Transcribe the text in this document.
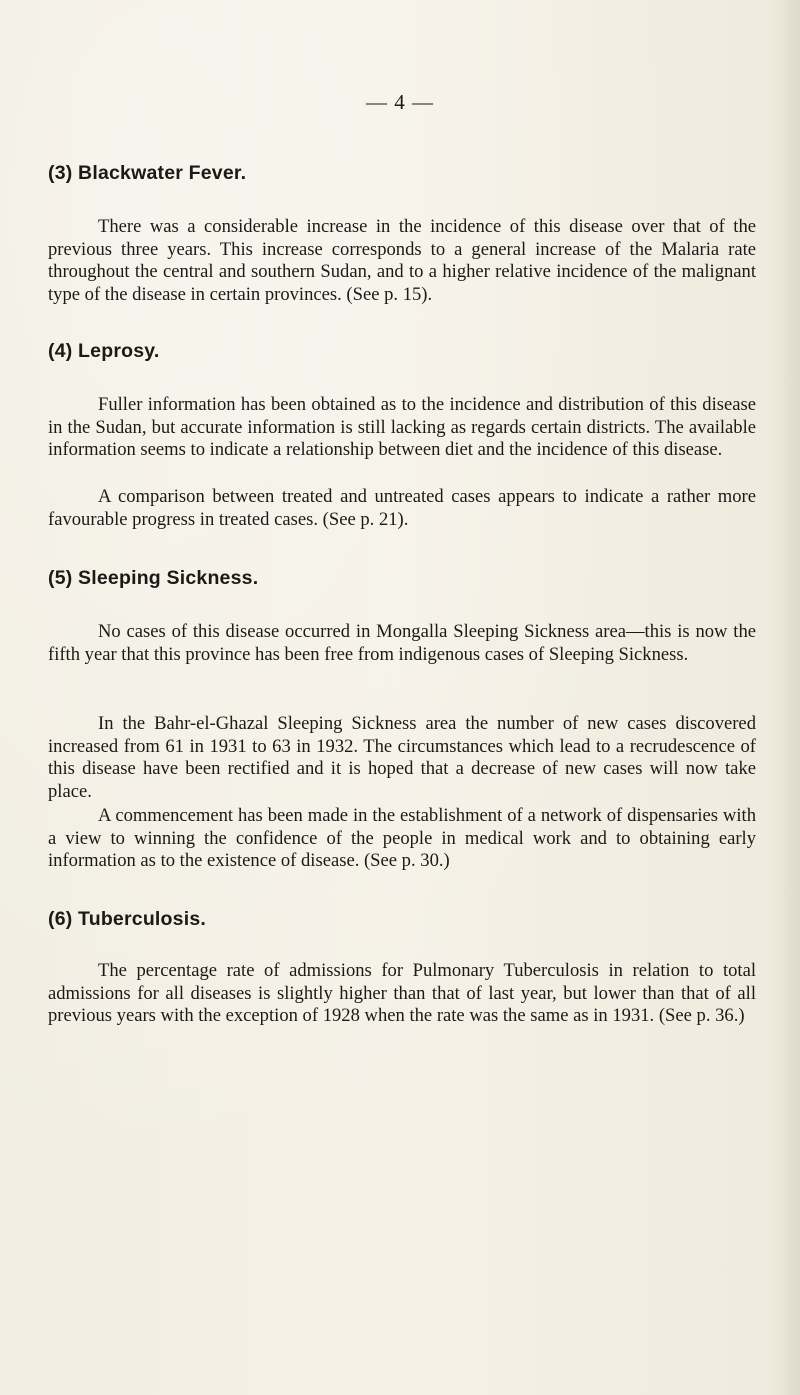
— 4 —
(3) Blackwater Fever.

There was a considerable increase in the incidence of this disease over that of the previous three years. This increase corresponds to a general increase of the Malaria rate throughout the central and southern Sudan, and to a higher relative incidence of the malignant type of the disease in certain provinces. (See p. 15).

(4) Leprosy.

Fuller information has been obtained as to the incidence and distribution of this disease in the Sudan, but accurate information is still lacking as regards certain districts. The available information seems to indicate a relationship between diet and the incidence of this disease.

A comparison between treated and untreated cases appears to indicate a rather more favourable progress in treated cases. (See p. 21).

(5) Sleeping Sickness.

No cases of this disease occurred in Mongalla Sleeping Sickness area—this is now the fifth year that this province has been free from indigenous cases of Sleeping Sickness.

In the Bahr-el-Ghazal Sleeping Sickness area the number of new cases discovered increased from 61 in 1931 to 63 in 1932. The circumstances which lead to a recrudescence of this disease have been rectified and it is hoped that a decrease of new cases will now take place.

A commencement has been made in the establishment of a network of dispensaries with a view to winning the confidence of the people in medical work and to obtaining early information as to the existence of disease. (See p. 30.)

(6) Tuberculosis.

The percentage rate of admissions for Pulmonary Tuberculosis in relation to total admissions for all diseases is slightly higher than that of last year, but lower than that of all previous years with the exception of 1928 when the rate was the same as in 1931. (See p. 36.)
